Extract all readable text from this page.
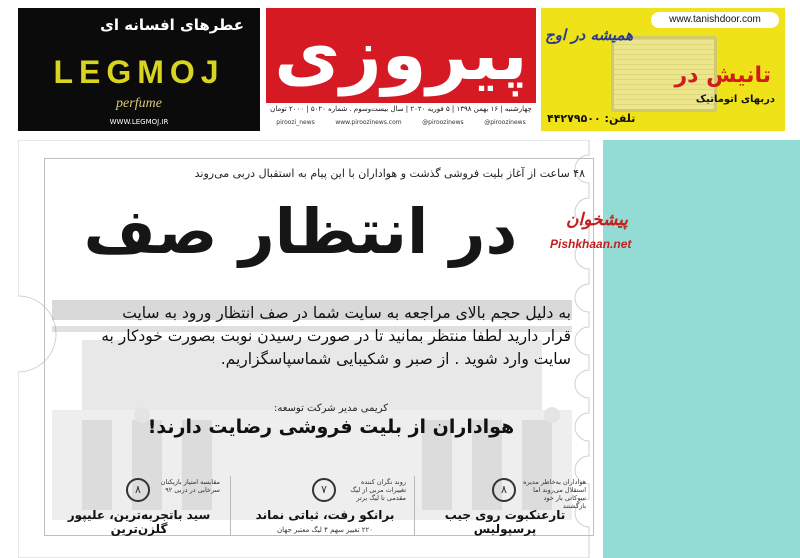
عطرهای افسانه ای
LEGMOJ
perfume
WWW.LEGMOJ.IR
پیروزی
چهارشنبه | ۱۶ بهمن ۱۳۹۸ | ۵ فوریه ۲۰۲۰ | سال بیست‌وسوم . شماره ۵۰۲۰ | ۲۰۰۰ تومان
piroozi_news	www.piroozinews.com	@piroozinews	@piroozinews
www.tanishdoor.com
همیشه در اوج
تانیش در
دربهای اتوماتیک
تلفن: ۴۴۲۷۹۵۰۰
۴۸ ساعت از آغاز بلیت فروشی گذشت و هواداران با این پیام به استقبال دربی می‌روند
در انتظار صف
به دلیل حجم بالای مراجعه به سایت شما در صف انتظار ورود به سایت قرار دارید لطفا منتظر بمانید تا در صورت رسیدن نوبت بصورت خودکار به سایت وارد شوید . از صبر و شکیبایی شماسپاسگزاریم.
کریمی مدیر شرکت توسعه:
هواداران از بلیت فروشی رضایت دارند!
۸
هواداران به‌خاطر مدیره استقلال می‌روند اما سوکاتی بار خود بازگشتند
تارعنکبوت روی جیب پرسپولیس
۷
روند نگران کننده تغییرات مربی از لیگ مقدمی تا لیگ برتر
برانکو رفت، ثباتی نماند
۲۲۰ تغییر سهم ۴ لیگ معتبر جهان
۸
مقایسه امتیاز بازیکنان سرخابی در دربی ۹۲
سید باتجربه‌ترین، علیپور گلزن‌ترین
پیشخوان
Pishkhaan.net
